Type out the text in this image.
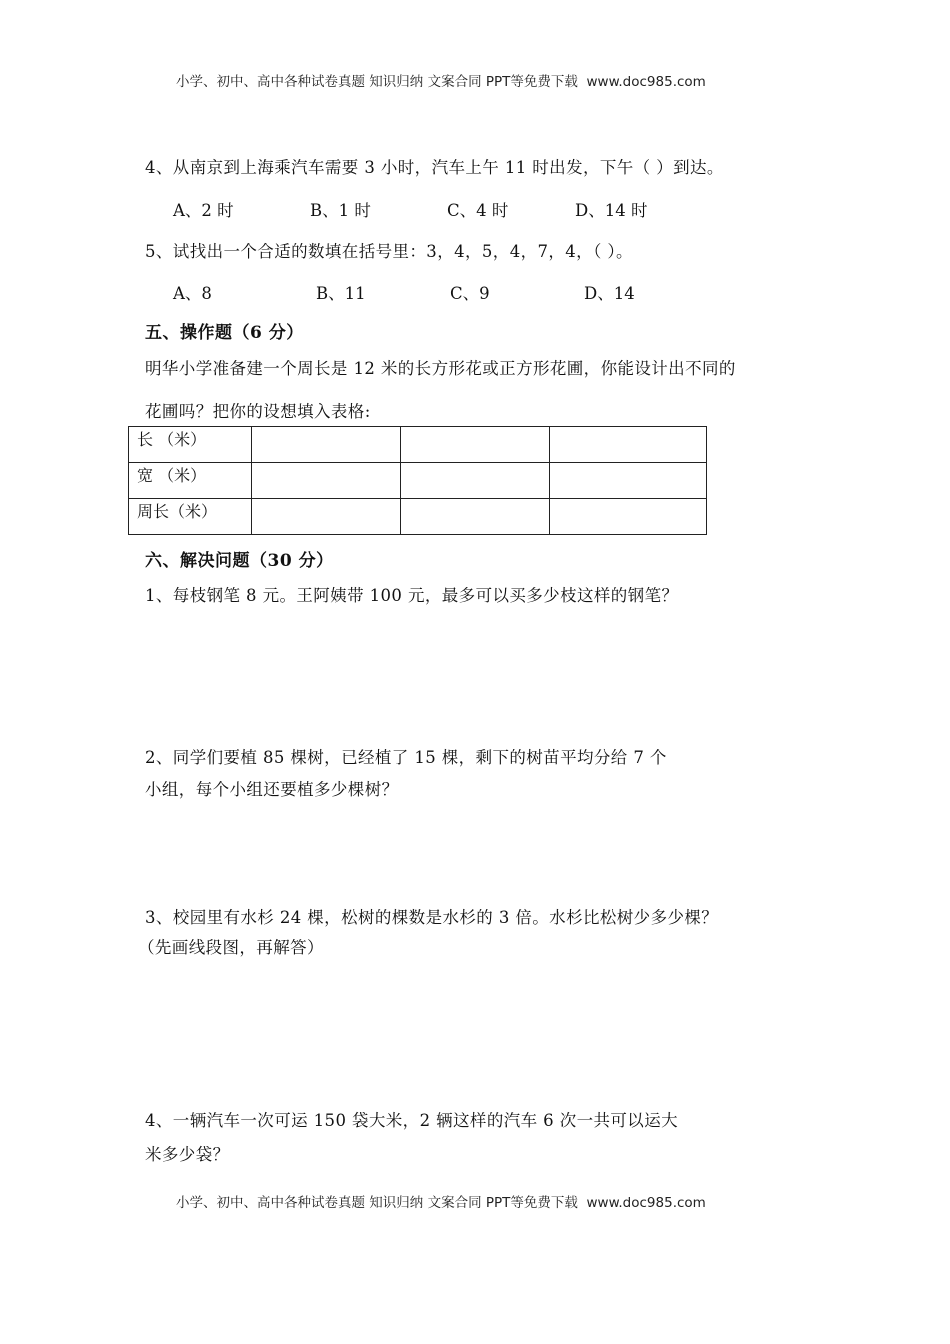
小学、初中、高中各种试卷真题 知识归纳 文案合同 PPT等免费下载 www.doc985.com
4、从南京到上海乘汽车需要 3 小时，汽车上午 11 时出发，下午（ ）到达。
A、2 时	B、1 时	C、4 时	D、14 时
5、试找出一个合适的数填在括号里：3，4，5，4，7，4，（ ）。
A、8	B、11	C、9	D、14
五、操作题（6 分）
明华小学准备建一个周长是 12 米的长方形花或正方形花圃，你能设计出不同的
花圃吗？把你的设想填入表格:
长 （米）			
宽 （米）			
周长（米）			
六、解决问题（30 分）
1、每枝钢笔 8 元。王阿姨带 100 元，最多可以买多少枝这样的钢笔？
2、同学们要植 85 棵树，已经植了 15 棵，剩下的树苗平均分给 7 个
小组，每个小组还要植多少棵树？
3、校园里有水杉 24 棵，松树的棵数是水杉的 3 倍。水杉比松树少多少棵？
（先画线段图，再解答）
4、一辆汽车一次可运 150 袋大米，2 辆这样的汽车 6 次一共可以运大
米多少袋？
小学、初中、高中各种试卷真题 知识归纳 文案合同 PPT等免费下载 www.doc985.com
